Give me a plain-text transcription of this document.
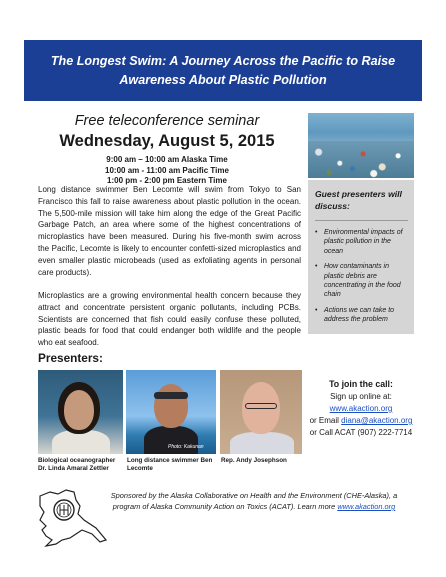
The Longest Swim: A Journey Across the Pacific to Raise
Awareness About Plastic Pollution
Free teleconference seminar
Wednesday, August 5, 2015
9:00 am – 10:00 am Alaska Time
10:00 am - 11:00 am Pacific Time
1:00 pm - 2:00 pm Eastern Time

Long distance swimmer Ben Lecomte will swim from Tokyo to San Francisco this fall to raise awareness about plastic pollution in the ocean. The 5,500-mile mission will take him along the edge of the Great Pacific Garbage Patch, an area where some of the highest concentrations of microplastics have been measured. During his five-month swim across the Pacific, Lecomte is likely to encounter confetti-sized microplastics and even smaller plastic microbeads (used as exfoliating agents in personal care products).

Microplastics are a growing environmental health concern because they attract and concentrate persistent organic pollutants, including PCBs. Scientists are concerned that fish could easily confuse these polluted, plastic beads for food that could endanger both wildlife and the people who eat seafood.

Guest presenters will discuss:
• Environmental impacts of plastic pollution in the ocean
• How contaminants in plastic debris are concentrating in the food chain
• Actions we can take to address the problem
Presenters:
Photo: Kakunan
Biological oceanographer Dr. Linda Amaral Zettler
Long distance swimmer Ben Lecomte
Rep. Andy Josephson
To join the call:
Sign up online at:
www.akaction.org
or Email diana@akaction.org
or Call ACAT (907) 222-7714
Sponsored by the Alaska Collaborative on Health and the Environment (CHE-Alaska), a program of Alaska Community Action on Toxics (ACAT). Learn more www.akaction.org
